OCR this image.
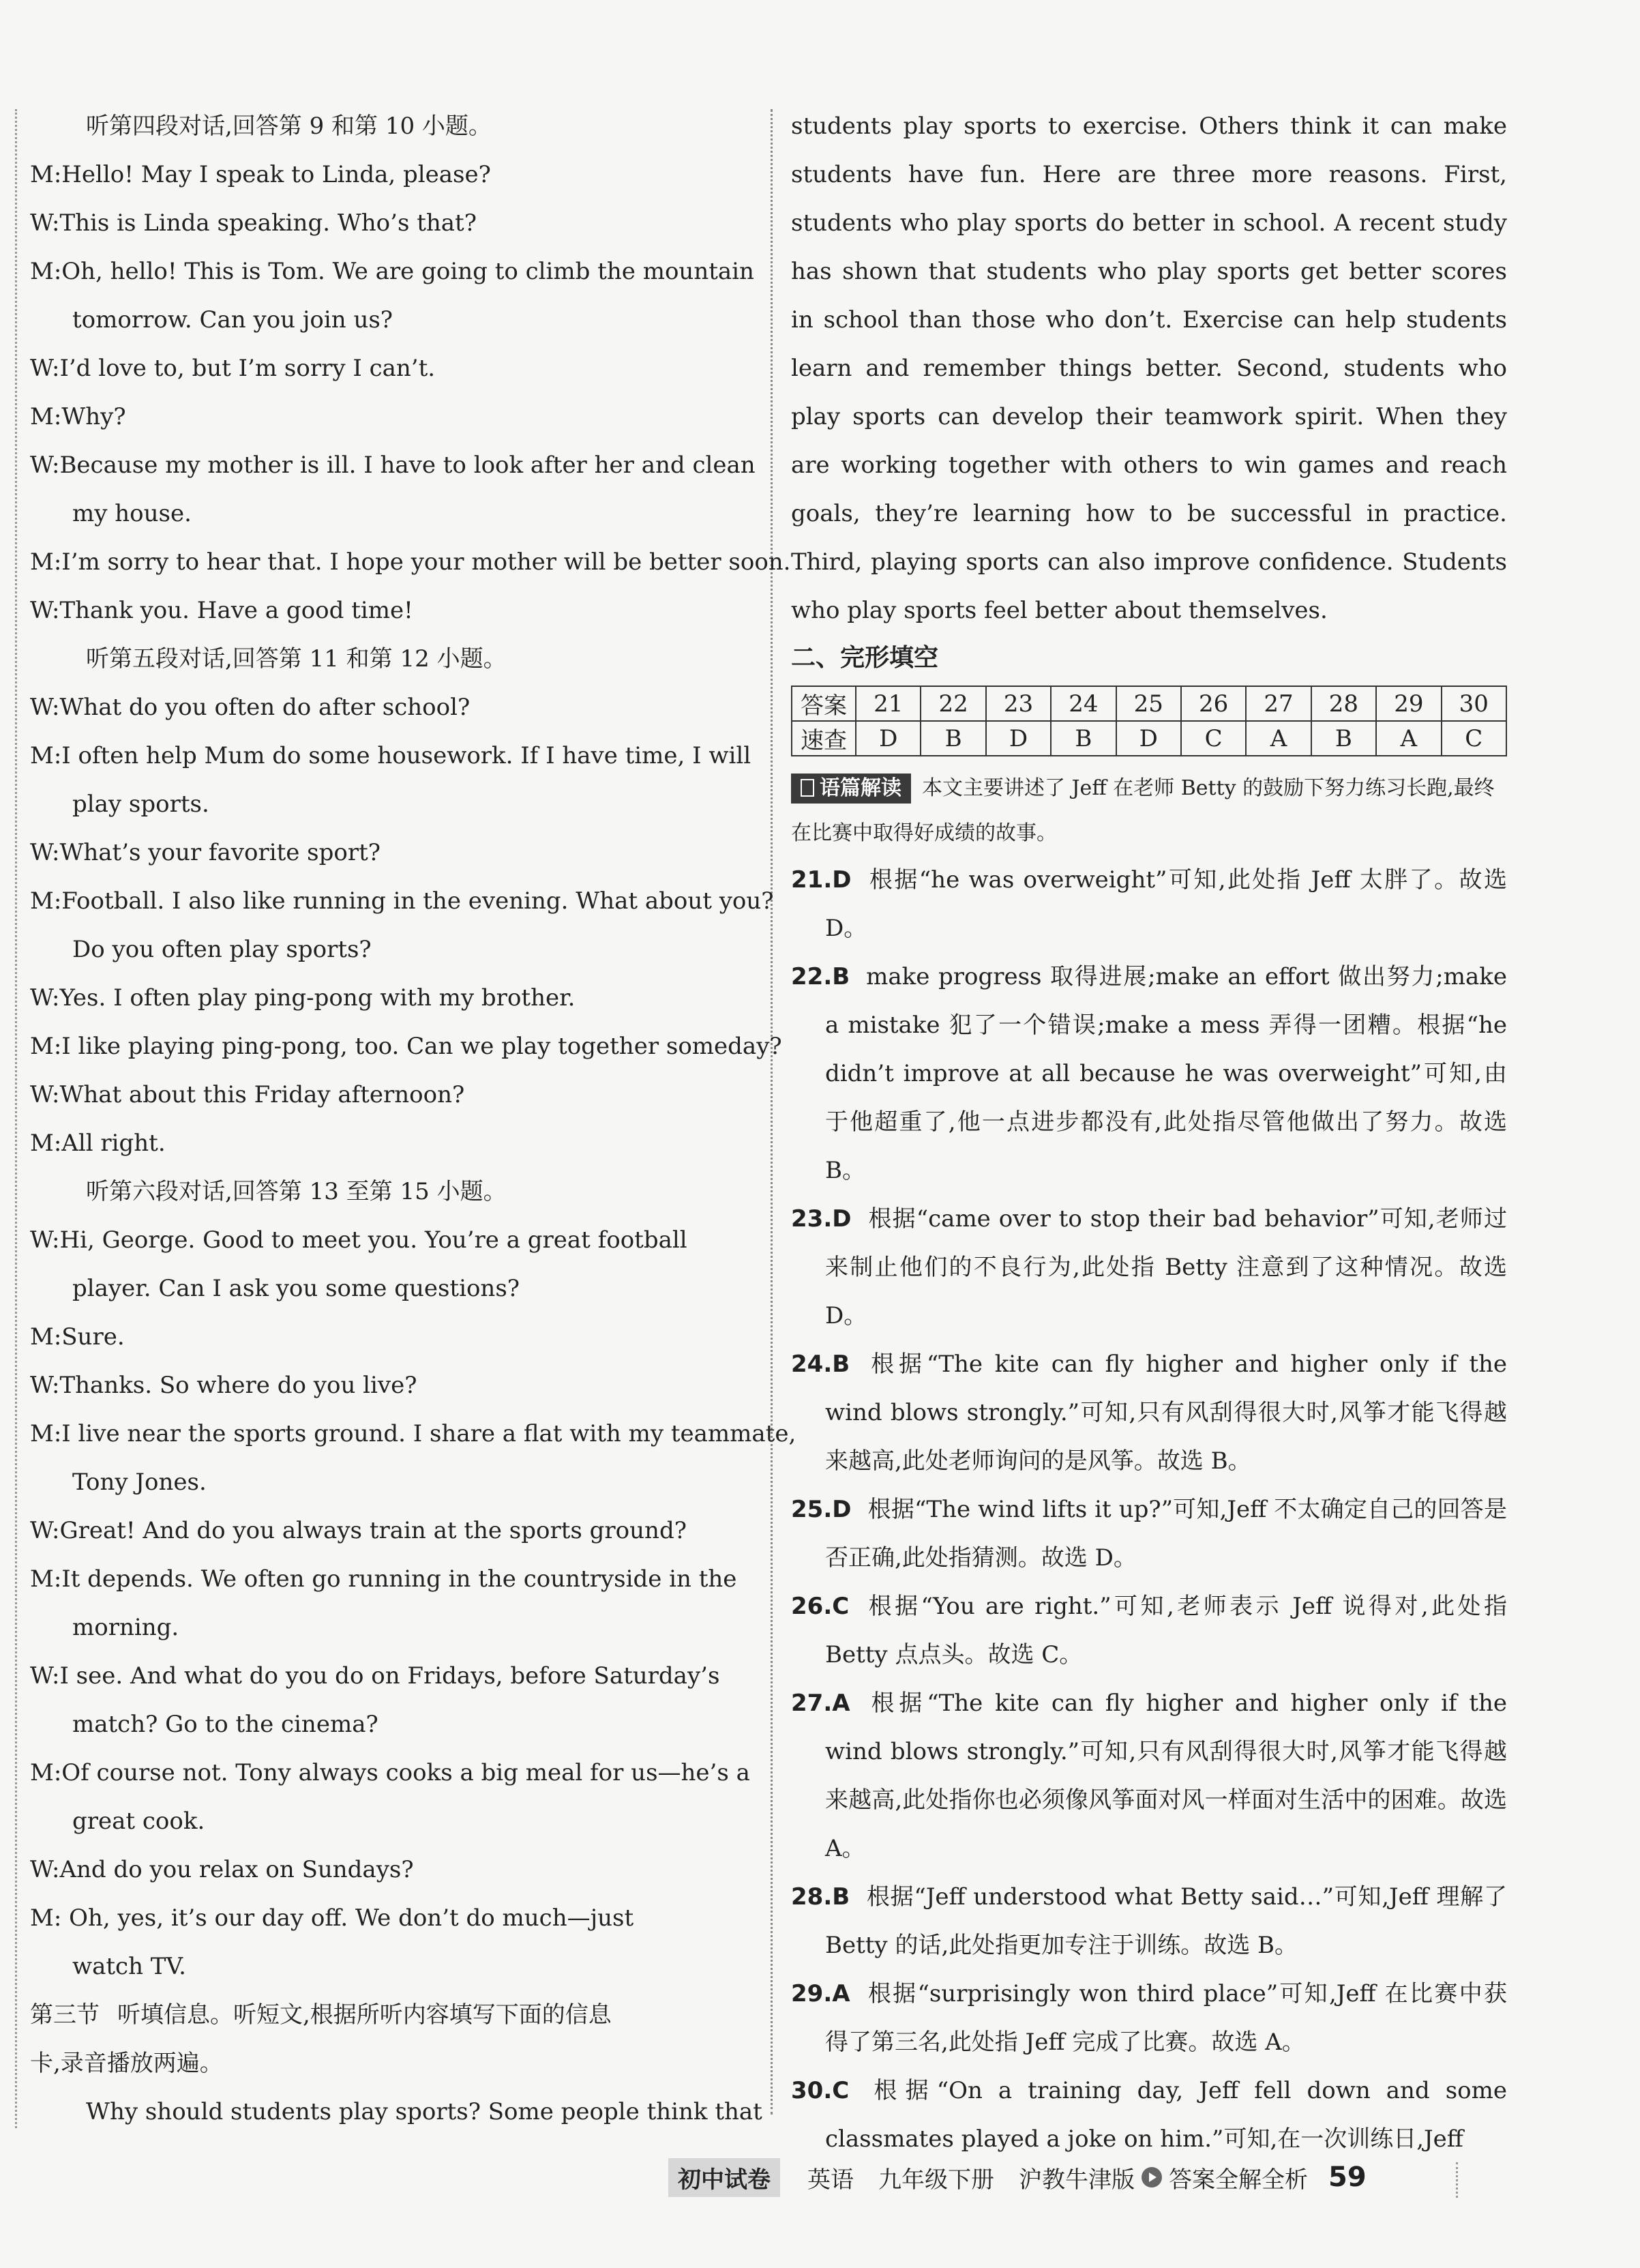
听第四段对话,回答第 9 和第 10 小题。
M:Hello! May I speak to Linda, please?
W:This is Linda speaking. Who’s that?
M:Oh, hello! This is Tom. We are going to climb the mountain
tomorrow. Can you join us?
W:I’d love to, but I’m sorry I can’t.
M:Why?
W:Because my mother is ill. I have to look after her and clean
my house.
M:I’m sorry to hear that. I hope your mother will be better soon.
W:Thank you. Have a good time!
听第五段对话,回答第 11 和第 12 小题。
W:What do you often do after school?
M:I often help Mum do some housework. If I have time, I will
play sports.
W:What’s your favorite sport?
M:Football. I also like running in the evening. What about you?
Do you often play sports?
W:Yes. I often play ping-pong with my brother.
M:I like playing ping-pong, too. Can we play together someday?
W:What about this Friday afternoon?
M:All right.
听第六段对话,回答第 13 至第 15 小题。
W:Hi, George. Good to meet you. You’re a great football
player. Can I ask you some questions?
M:Sure.
W:Thanks. So where do you live?
M:I live near the sports ground. I share a flat with my teammate,
Tony Jones.
W:Great! And do you always train at the sports ground?
M:It depends. We often go running in the countryside in the
morning.
W:I see. And what do you do on Fridays, before Saturday’s
match? Go to the cinema?
M:Of course not. Tony always cooks a big meal for us—he’s a
great cook.
W:And do you relax on Sundays?
M: Oh, yes, it’s our day off. We don’t do much—just
watch TV.
第三节 听填信息。听短文,根据所听内容填写下面的信息
卡,录音播放两遍。
Why should students play sports? Some people think that
students play sports to exercise. Others think it can make students have fun. Here are three more reasons. First, students who play sports do better in school. A recent study has shown that students who play sports get better scores in school than those who don’t. Exercise can help students learn and remember things better. Second, students who play sports can develop their teamwork spirit. When they are working together with others to win games and reach goals, they’re learning how to be successful in practice. Third, playing sports can also improve confidence. Students who play sports feel better about themselves.
二、完形填空
答案	21	22	23	24	25	26	27	28	29	30
速查	D	B	D	B	D	C	A	B	A	C
语篇解读 本文主要讲述了 Jeff 在老师 Betty 的鼓励下努力练习长跑,最终在比赛中取得好成绩的故事。
21.D 根据“he was overweight”可知,此处指 Jeff 太胖了。故选 D。
22.B make progress 取得进展;make an effort 做出努力;make a mistake 犯了一个错误;make a mess 弄得一团糟。根据“he didn’t improve at all because he was overweight”可知,由于他超重了,他一点进步都没有,此处指尽管他做出了努力。故选 B。
23.D 根据“came over to stop their bad behavior”可知,老师过来制止他们的不良行为,此处指 Betty 注意到了这种情况。故选 D。
24.B 根据“The kite can fly higher and higher only if the wind blows strongly.”可知,只有风刮得很大时,风筝才能飞得越来越高,此处老师询问的是风筝。故选 B。
25.D 根据“The wind lifts it up?”可知,Jeff 不太确定自己的回答是否正确,此处指猜测。故选 D。
26.C 根据“You are right.”可知,老师表示 Jeff 说得对,此处指 Betty 点点头。故选 C。
27.A 根据“The kite can fly higher and higher only if the wind blows strongly.”可知,只有风刮得很大时,风筝才能飞得越来越高,此处指你也必须像风筝面对风一样面对生活中的困难。故选 A。
28.B 根据“Jeff understood what Betty said…”可知,Jeff 理解了 Betty 的话,此处指更加专注于训练。故选 B。
29.A 根据“surprisingly won third place”可知,Jeff 在比赛中获得了第三名,此处指 Jeff 完成了比赛。故选 A。
30.C 根据“On a training day, Jeff fell down and some classmates played a joke on him.”可知,在一次训练日,Jeff
初中试卷	英语 九年级下册 沪教牛津版 答案全解全析 59
